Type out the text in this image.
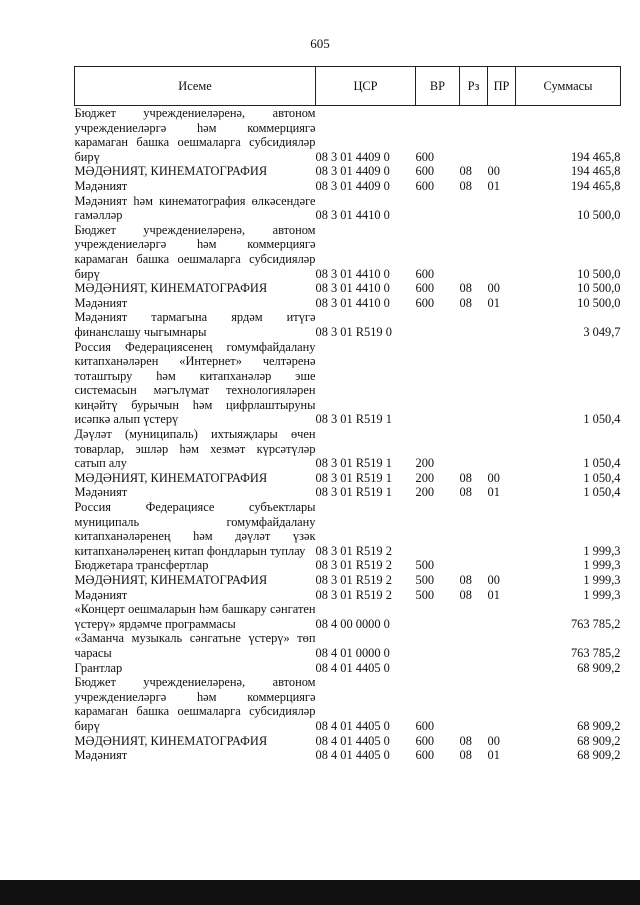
605
Исеме	ЦСР	ВР	Рз	ПР	Суммасы
Бюджет учреждениеләренә, автоном учреждениеләргә һәм коммерциягә карамаган башка оешмаларга субсидияләр бирү	08 3 01 4409 0	600			194 465,8
МӘДӘНИЯТ, КИНЕМАТОГРАФИЯ	08 3 01 4409 0	600	08	00	194 465,8
Мәдәният	08 3 01 4409 0	600	08	01	194 465,8
Мәдәният һәм кинематография өлкәсендәге гамәлләр	08 3 01 4410 0				10 500,0
Бюджет учреждениеләренә, автоном учреждениеләргә һәм коммерциягә карамаган башка оешмаларга субсидияләр бирү	08 3 01 4410 0	600			10 500,0
МӘДӘНИЯТ, КИНЕМАТОГРАФИЯ	08 3 01 4410 0	600	08	00	10 500,0
Мәдәният	08 3 01 4410 0	600	08	01	10 500,0
Мәдәният тармагына ярдәм итүгә финанслашу чыгымнары	08 3 01 R519 0				3 049,7
Россия Федерациясенең гомумфайдалану китапханәләрен «Интернет» челтәренә тоташтыру һәм китапханәләр эше системасын мәгълүмат технологияләрен киңәйтү бурычын һәм цифрлаштыруны исәпкә алып үстерү	08 3 01 R519 1				1 050,4
Дәүләт (муниципаль) ихтыяҗлары өчен товарлар, эшләр һәм хезмәт күрсәтүләр сатып алу	08 3 01 R519 1	200			1 050,4
МӘДӘНИЯТ, КИНЕМАТОГРАФИЯ	08 3 01 R519 1	200	08	00	1 050,4
Мәдәният	08 3 01 R519 1	200	08	01	1 050,4
Россия Федерациясе субъектлары муниципаль гомумфайдалану китапханәләренең һәм дәүләт үзәк китапханәләренең китап фондларын туплау	08 3 01 R519 2				1 999,3
Бюджетара трансфертлар	08 3 01 R519 2	500			1 999,3
МӘДӘНИЯТ, КИНЕМАТОГРАФИЯ	08 3 01 R519 2	500	08	00	1 999,3
Мәдәният	08 3 01 R519 2	500	08	01	1 999,3
«Концерт оешмаларын һәм башкару сәнгатен үстерү» ярдәмче программасы	08 4 00 0000 0				763 785,2
«Заманча музыкаль сәнгатьне үстерү» төп чарасы	08 4 01 0000 0				763 785,2
Грантлар	08 4 01 4405 0				68 909,2
Бюджет учреждениеләренә, автоном учреждениеләргә һәм коммерциягә карамаган башка оешмаларга субсидияләр бирү	08 4 01 4405 0	600			68 909,2
МӘДӘНИЯТ, КИНЕМАТОГРАФИЯ	08 4 01 4405 0	600	08	00	68 909,2
Мәдәният	08 4 01 4405 0	600	08	01	68 909,2
